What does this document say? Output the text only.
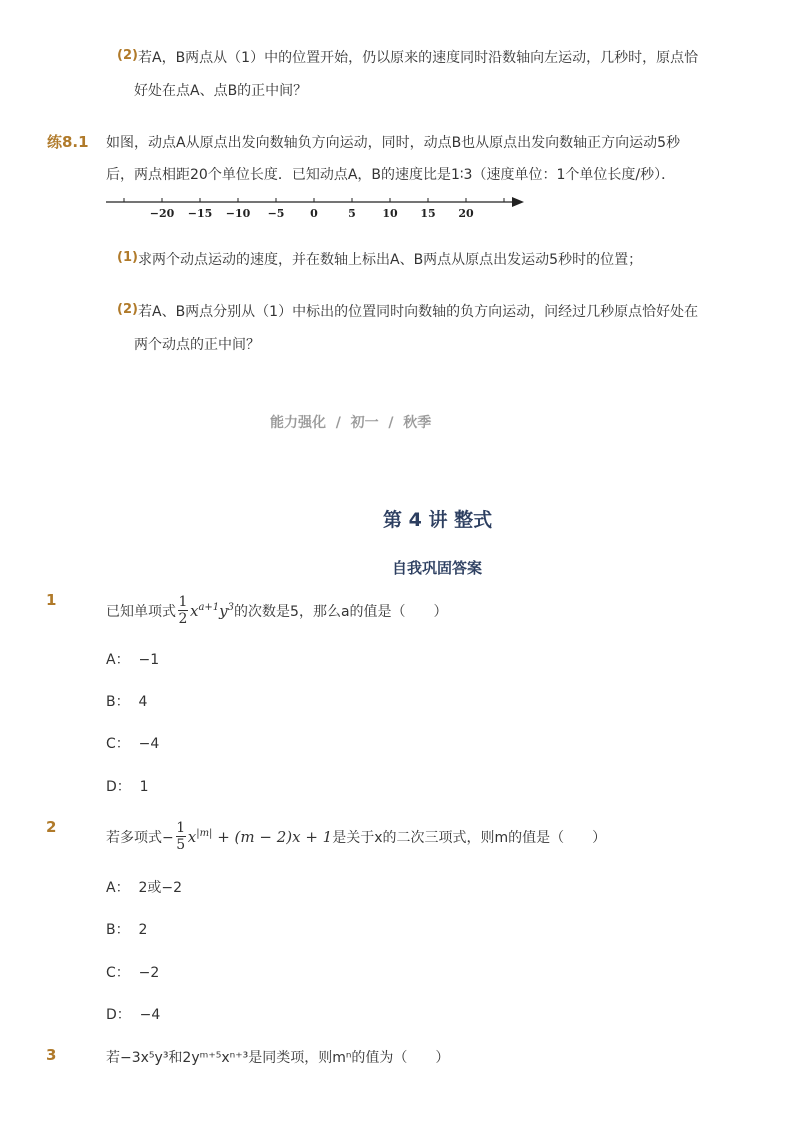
(2) 若A，B两点从（1）中的位置开始，仍以原来的速度同时沿数轴向左运动，几秒时，原点恰
好处在点A、点B的正中间？
练8.1 如图，动点A从原点出发向数轴负方向运动，同时，动点B也从原点出发向数轴正方向运动5秒
后，两点相距20个单位长度．已知动点A，B的速度比是1∶3（速度单位：1个单位长度/秒）．
−20 −15 −10 −5 0	5 10 15 20
(1) 求两个动点运动的速度，并在数轴上标出A、B两点从原点出发运动5秒时的位置；
(2) 若A、B两点分别从（1）中标出的位置同时向数轴的负方向运动，问经过几秒原点恰好处在
两个动点的正中间？
能力强化  /  初一  /  秋季
第 4 讲 整式
自我巩固答案
1
已知单项式 $\frac{1}{2} x^{a+1}y^3$ 的次数是5，那么a的值是（　　）
A：  −1
B：  4
C：  −4
D：  1
2
若多项式− $\frac{1}{5} x^{|m|} + (m - 2)x + 1$ 是关于x的二次三项式，则m的值是（　　）
A：  2或−2
B：  2
C：  −2
D：  −4
3	若−3x⁵y³和2yᵐ⁺⁵xⁿ⁺³是同类项，则mⁿ的值为（　　）
